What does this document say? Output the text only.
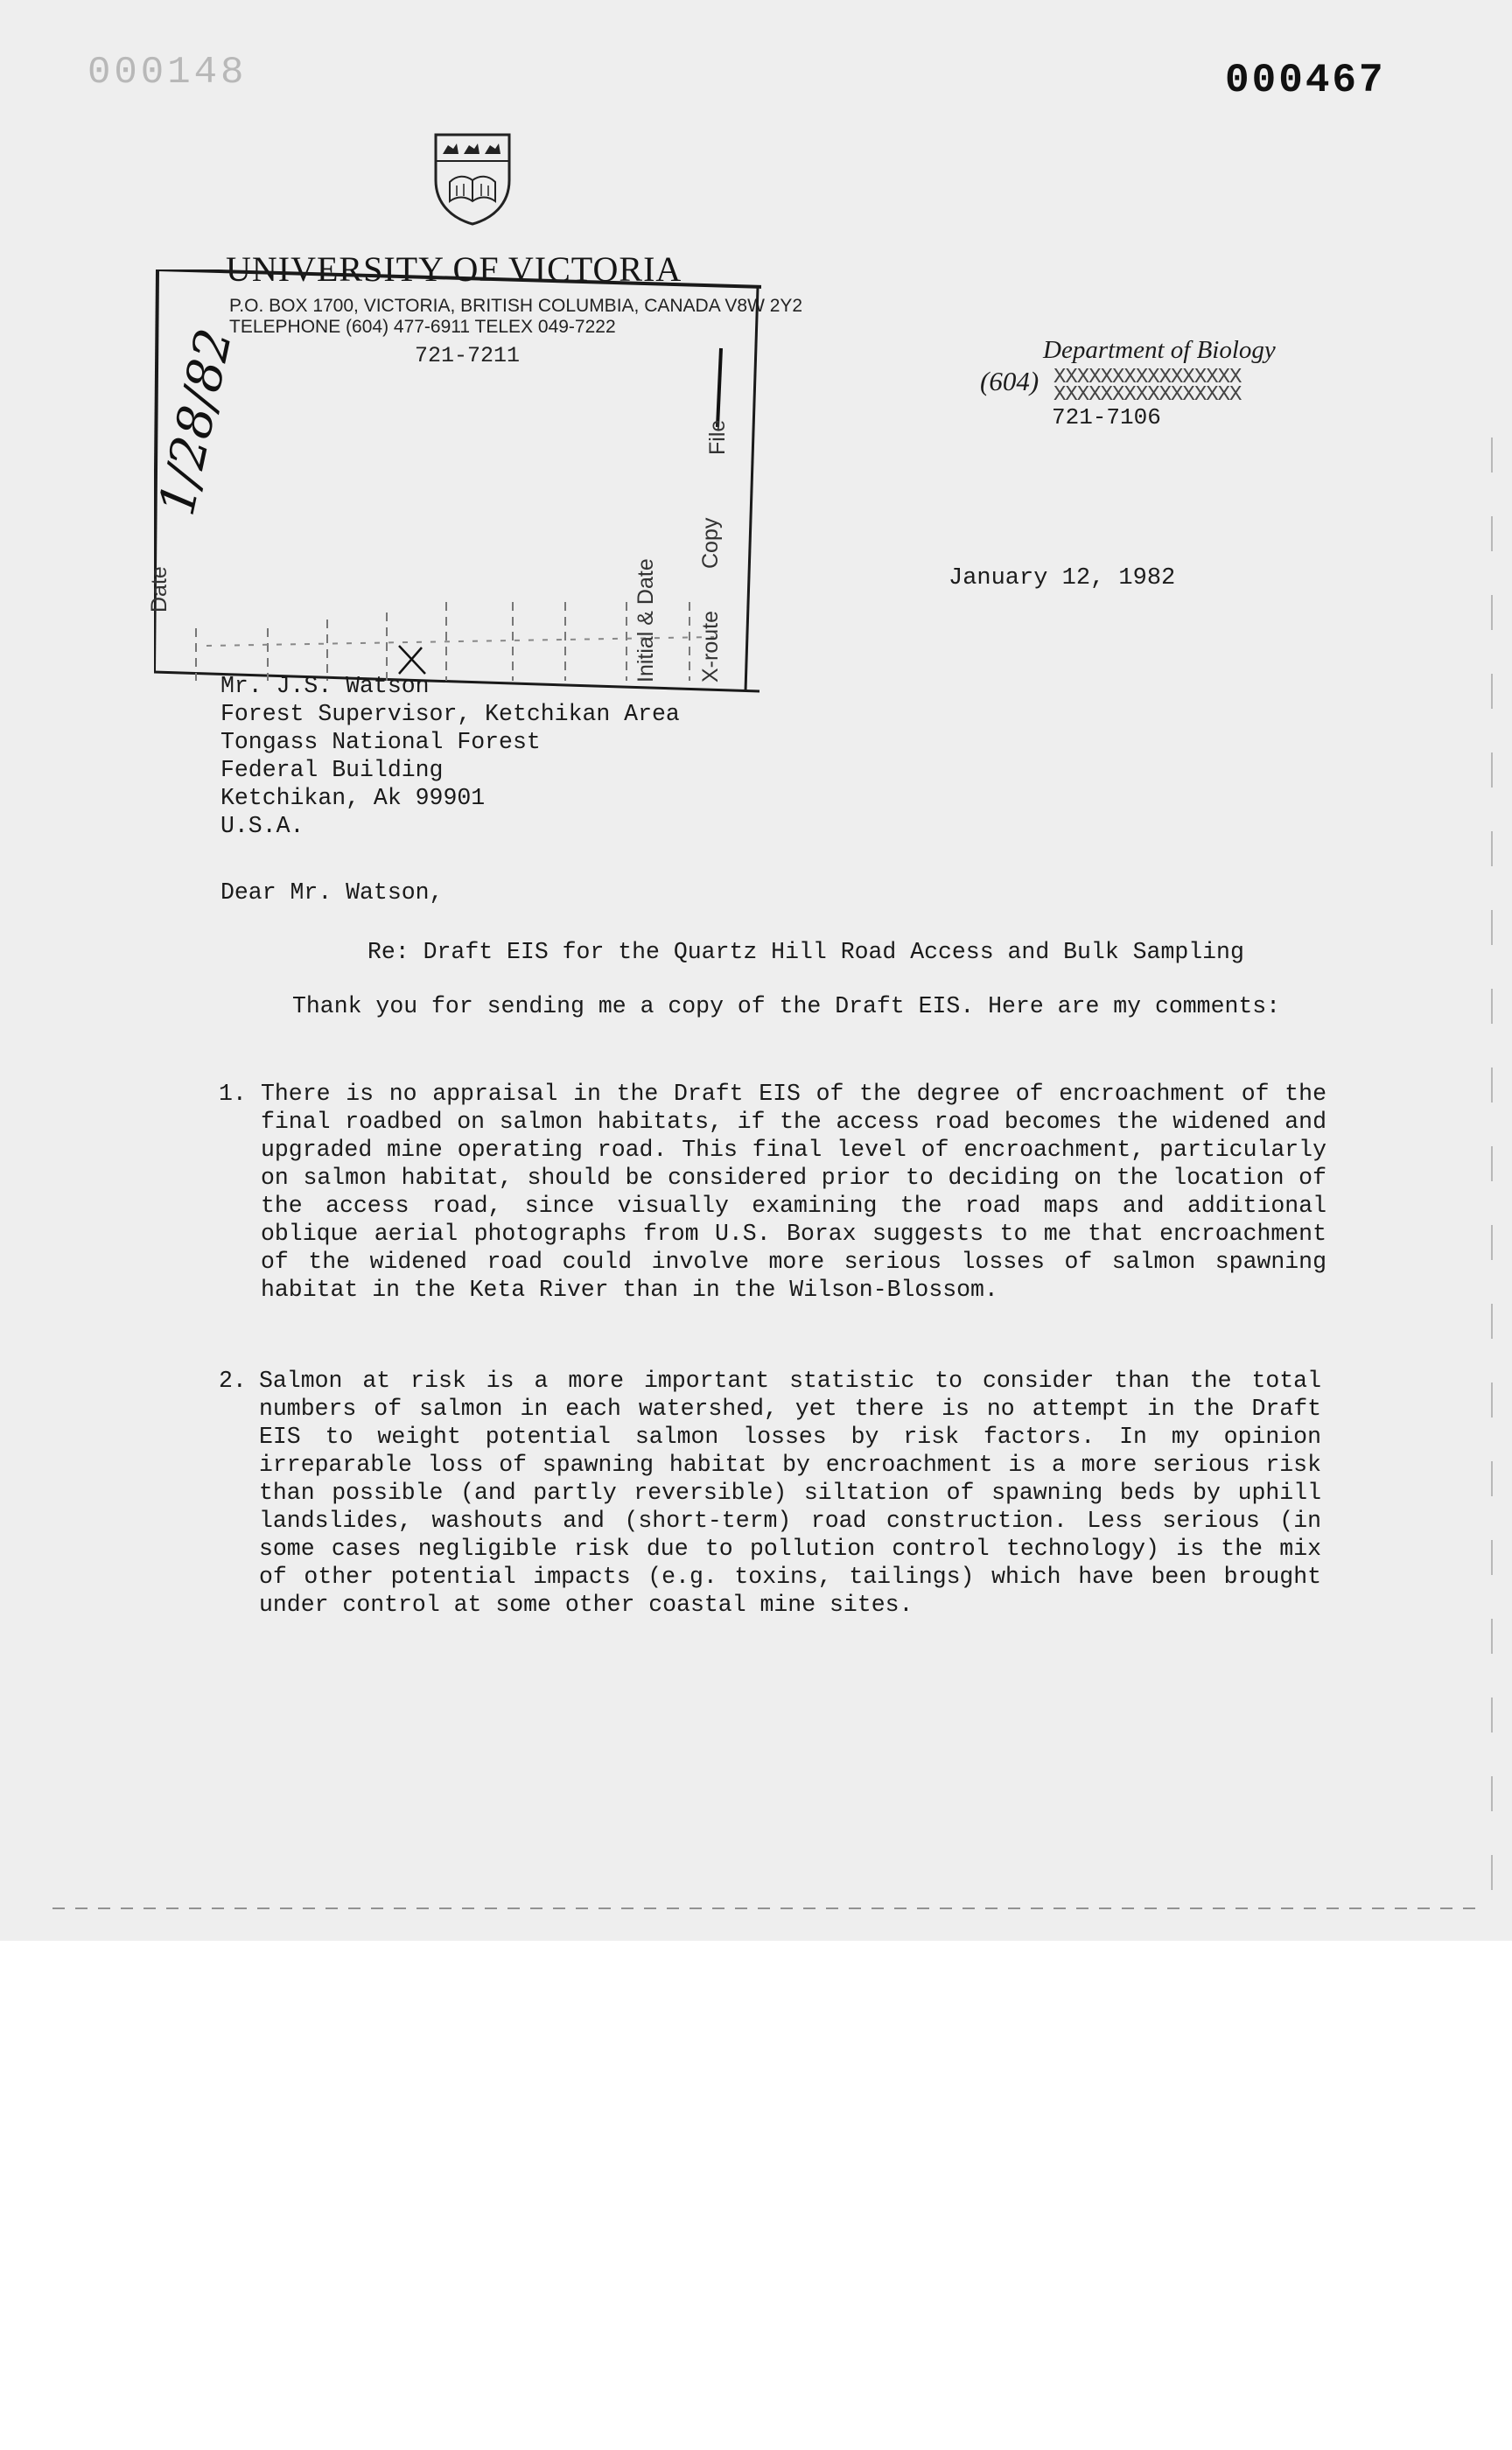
000148	000467
UNIVERSITY OF VICTORIA
P.O. BOX 1700, VICTORIA, BRITISH COLUMBIA, CANADA V8W 2Y2
TELEPHONE (604) 477-6911 TELEX 049-7222
721-7211	Department of Biology
(604) XXXXXXXXXXXXXXXX
XXXXXXXXXXXXXXXX
721-7106
January 12, 1982
1/28/82
Date	Initial & Date
Copy
File
X-route
Mr. J.S. Watson
Forest Supervisor, Ketchikan Area
Tongass National Forest
Federal Building
Ketchikan, Ak 99901
U.S.A.
Dear Mr. Watson,
Re: Draft EIS for the Quartz Hill Road Access and Bulk Sampling
Thank you for sending me a copy of the Draft EIS. Here are my comments:
1. There is no appraisal in the Draft EIS of the degree of encroachment of the final roadbed on salmon habitats, if the access road becomes the widened and upgraded mine operating road. This final level of encroachment, particularly on salmon habitat, should be considered prior to deciding on the location of the access road, since visually examining the road maps and additional oblique aerial photographs from U.S. Borax suggests to me that encroachment of the widened road could involve more serious losses of salmon spawning habitat in the Keta River than in the Wilson-Blossom.
2. Salmon at risk is a more important statistic to consider than the total numbers of salmon in each watershed, yet there is no attempt in the Draft EIS to weight potential salmon losses by risk factors. In my opinion irreparable loss of spawning habitat by encroachment is a more serious risk than possible (and partly reversible) siltation of spawning beds by uphill landslides, washouts and (short-term) road construction. Less serious (in some cases negligible risk due to pollution control technology) is the mix of other potential impacts (e.g. toxins, tailings) which have been brought under control at some other coastal mine sites.
